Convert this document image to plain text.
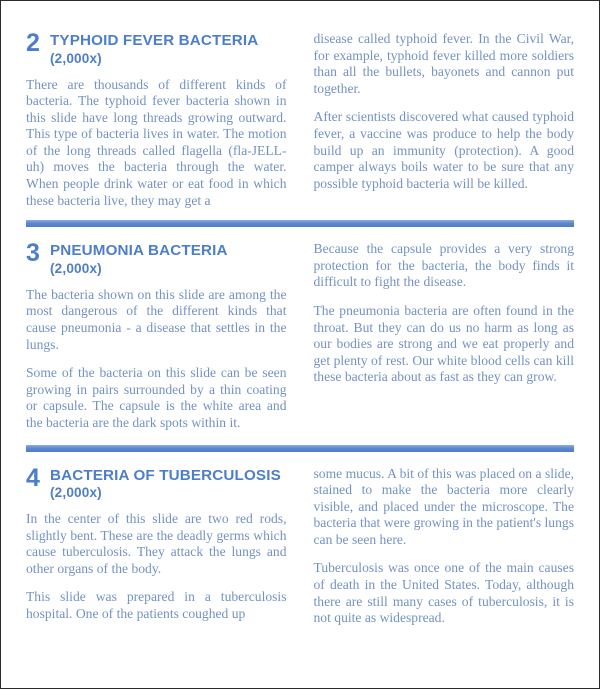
2 TYPHOID FEVER BACTERIA
(2,000x)

There are thousands of different kinds of bacteria. The typhoid fever bacteria shown in this slide have long threads growing outward. This type of bacteria lives in water. The motion of the long threads called flagella (fla-JELL-uh) moves the bacteria through the water. When people drink water or eat food in which these bacteria live, they may get a

disease called typhoid fever. In the Civil War, for example, typhoid fever killed more soldiers than all the bullets, bayonets and cannon put together.

After scientists discovered what caused typhoid fever, a vaccine was produce to help the body build up an immunity (protection). A good camper always boils water to be sure that any possible typhoid bacteria will be killed.

3 PNEUMONIA BACTERIA
(2,000x)

The bacteria shown on this slide are among the most dangerous of the different kinds that cause pneumonia - a disease that settles in the lungs.

Some of the bacteria on this slide can be seen growing in pairs surrounded by a thin coating or capsule. The capsule is the white area and the bacteria are the dark spots within it.

Because the capsule provides a very strong protection for the bacteria, the body finds it difficult to fight the disease.

The pneumonia bacteria are often found in the throat. But they can do us no harm as long as our bodies are strong and we eat properly and get plenty of rest. Our white blood cells can kill these bacteria about as fast as they can grow.

4 BACTERIA OF TUBERCULOSIS
(2,000x)

In the center of this slide are two red rods, slightly bent. These are the deadly germs which cause tuberculosis. They attack the lungs and other organs of the body.

This slide was prepared in a tuberculosis hospital. One of the patients coughed up

some mucus. A bit of this was placed on a slide, stained to make the bacteria more clearly visible, and placed under the microscope. The bacteria that were growing in the patient's lungs can be seen here.

Tuberculosis was once one of the main causes of death in the United States. Today, although there are still many cases of tuberculosis, it is not quite as widespread.
